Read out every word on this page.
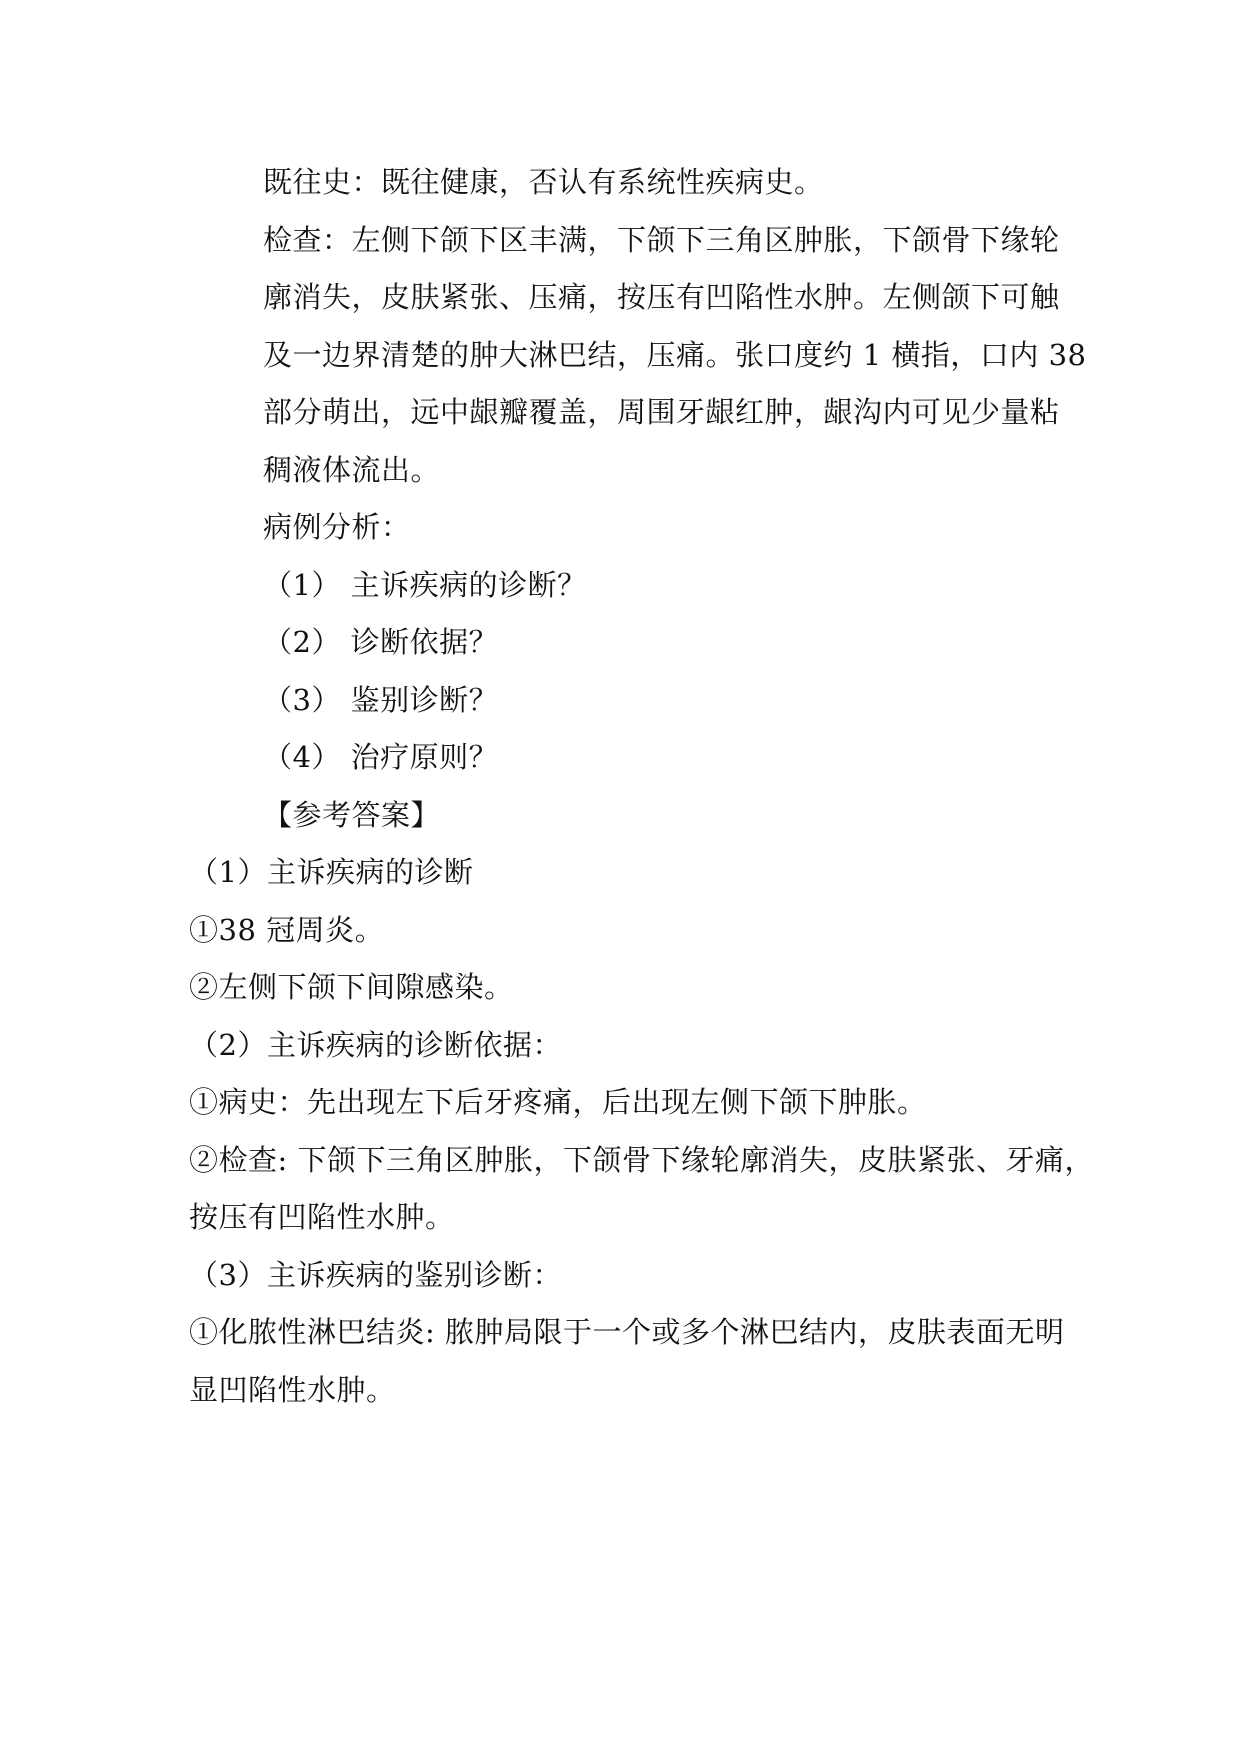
既往史：既往健康，否认有系统性疾病史。
检查：左侧下颌下区丰满，下颌下三角区肿胀，下颌骨下缘轮
廓消失，皮肤紧张、压痛，按压有凹陷性水肿。左侧颌下可触
及一边界清楚的肿大淋巴结，压痛。张口度约 1 横指，口内 38
部分萌出，远中龈瓣覆盖，周围牙龈红肿，龈沟内可见少量粘
稠液体流出。
病例分析：
（1） 主诉疾病的诊断？
（2） 诊断依据？
（3） 鉴别诊断？
（4） 治疗原则？
【参考答案】
（1）主诉疾病的诊断
①38 冠周炎。
②左侧下颌下间隙感染。
（2）主诉疾病的诊断依据：
①病史：先出现左下后牙疼痛，后出现左侧下颌下肿胀。
②检查: 下颌下三角区肿胀，下颌骨下缘轮廓消失，皮肤紧张、牙痛，
按压有凹陷性水肿。
（3）主诉疾病的鉴别诊断：
①化脓性淋巴结炎: 脓肿局限于一个或多个淋巴结内，皮肤表面无明
显凹陷性水肿。
